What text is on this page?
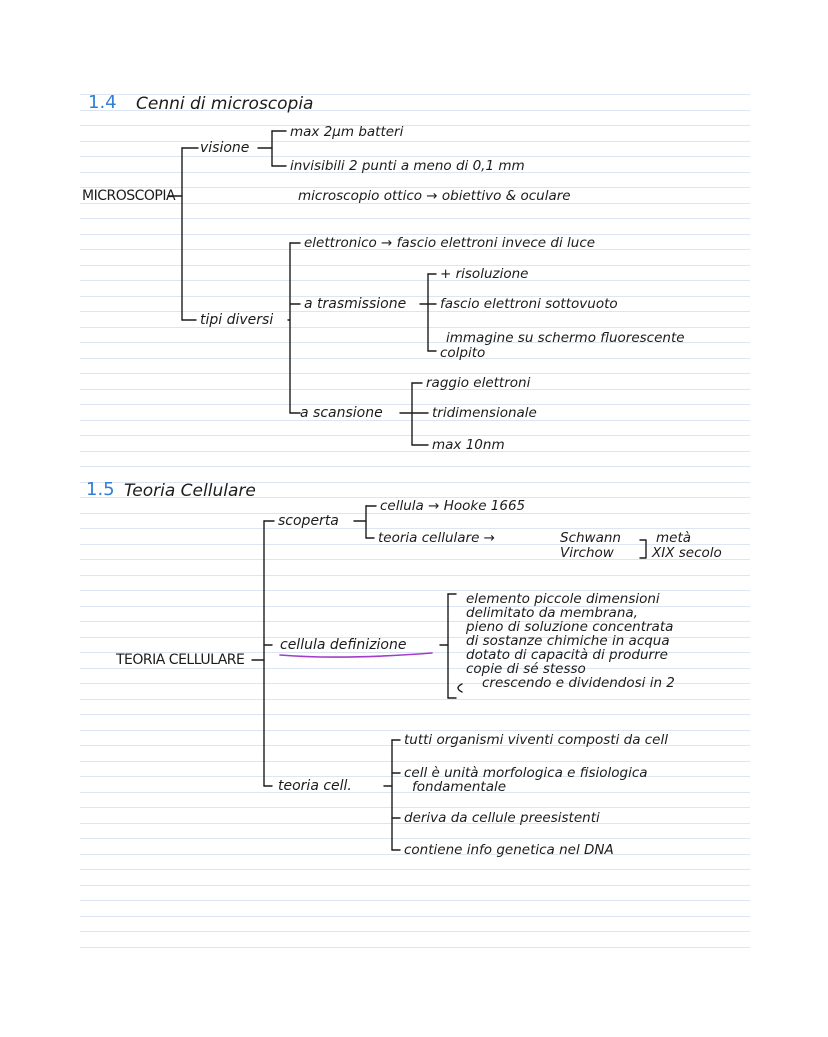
1.4 Cenni di microscopia
MICROSCOPIA
visione
max 2µm batteri
invisibili 2 punti a meno di 0,1 mm
microscopio ottico → obiettivo & oculare
tipi diversi
elettronico → fascio elettroni invece di luce
a trasmissione
+ risoluzione
fascio elettroni sottovuoto
immagine su schermo fluorescente
colpito
a scansione
raggio elettroni
tridimensionale
max 10nm
1.5 Teoria Cellulare
TEORIA CELLULARE
scoperta
cellula → Hooke 1665
teoria cellulare →	Schwann
Virchow
metà
XIX secolo
cellula definizione
elemento piccole dimensioni
delimitato da membrana,
pieno di soluzione concentrata
di sostanze chimiche in acqua
dotato di capacità di produrre
copie di sé stesso
crescendo e dividendosi in 2
teoria cell.
tutti organismi viventi composti da cell
cell è unità morfologica e fisiologica
fondamentale
deriva da cellule preesistenti
contiene info genetica nel DNA
